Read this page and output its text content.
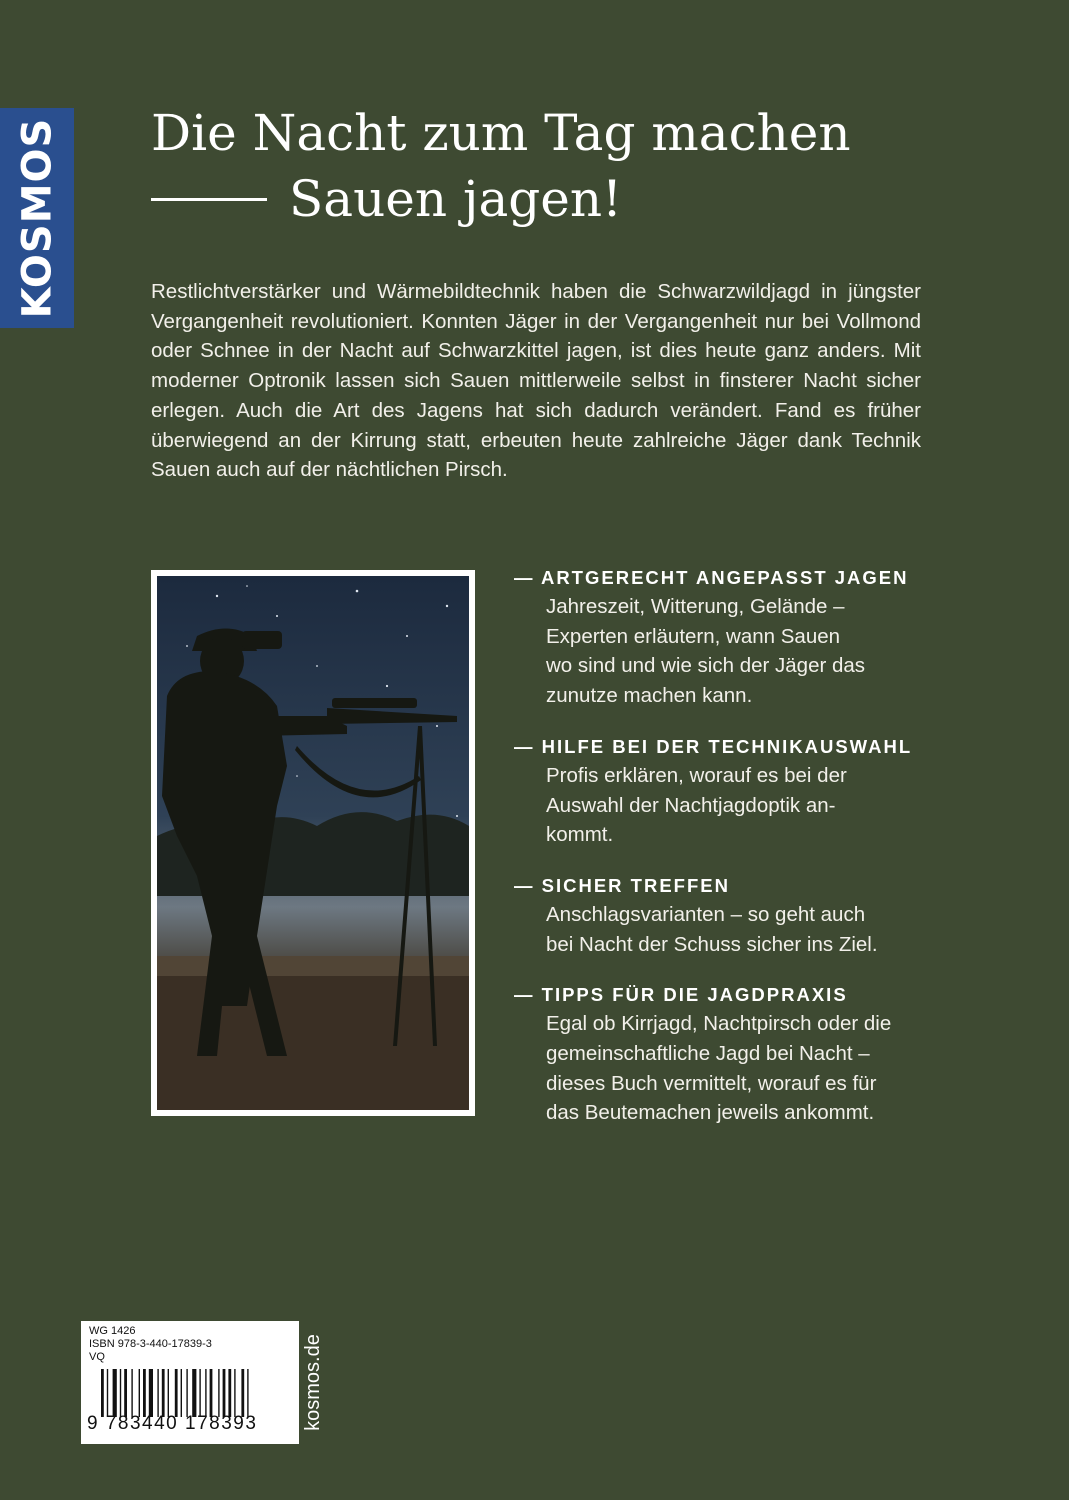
KOSMOS Die Nacht zum Tag machen
Sauen jagen!

Restlichtverstärker und Wärmebildtechnik haben die Schwarzwildjagd in jüngster Vergangenheit revolutioniert. Konnten Jäger in der Vergangenheit nur bei Vollmond oder Schnee in der Nacht auf Schwarzkittel jagen, ist dies heute ganz anders. Mit moderner Optronik lassen sich Sauen mittlerweile selbst in finsterer Nacht sicher erlegen. Auch die Art des Jagens hat sich dadurch verändert. Fand es früher überwiegend an der Kirrung statt, erbeuten heute zahlreiche Jäger dank Technik Sauen auch auf der nächtlichen Pirsch.

— ARTGERECHT ANGEPASST JAGEN
Jahreszeit, Witterung, Gelände –
Experten erläutern, wann Sauen
wo sind und wie sich der Jäger das
zunutze machen kann.
— HILFE BEI DER TECHNIKAUSWAHL
Profis erklären, worauf es bei der
Auswahl der Nachtjagdoptik an-
kommt.
— SICHER TREFFEN
Anschlagsvarianten – so geht auch
bei Nacht der Schuss sicher ins Ziel.
— TIPPS FÜR DIE JAGDPRAXIS
Egal ob Kirrjagd, Nachtpirsch oder die
gemeinschaftliche Jagd bei Nacht –
dieses Buch vermittelt, worauf es für
das Beutemachen jeweils ankommt.
WG 1426
ISBN 978-3-440-17839-3
VQ
9 783440 178393 kosmos.de
